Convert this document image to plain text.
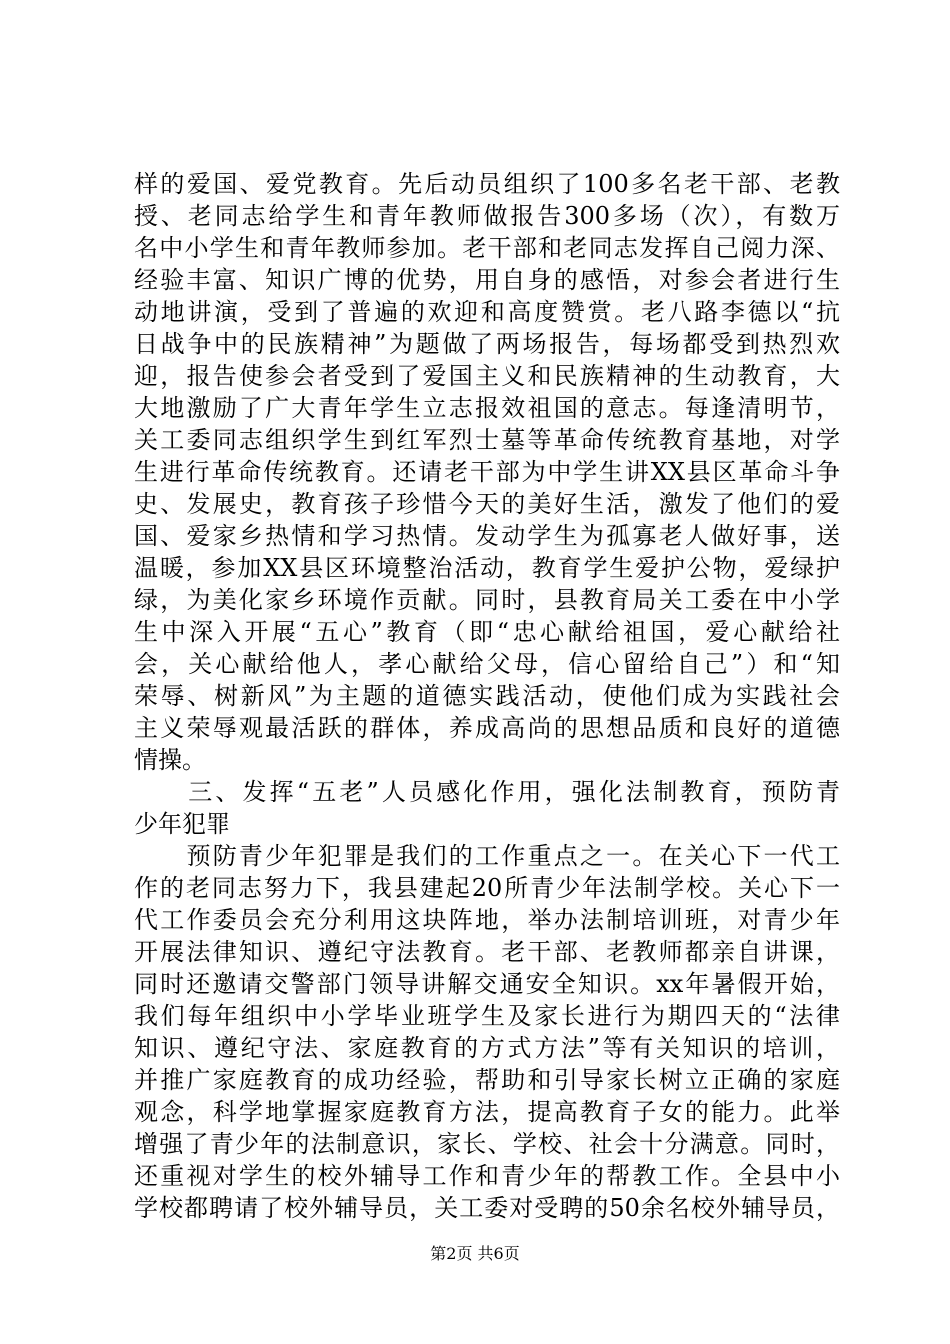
样的爱国、爱党教育。先后动员组织了100多名老干部、老教
授、老同志给学生和青年教师做报告300多场（次），有数万
名中小学生和青年教师参加。老干部和老同志发挥自己阅力深、
经验丰富、知识广博的优势，用自身的感悟，对参会者进行生
动地讲演，受到了普遍的欢迎和高度赞赏。老八路李德以“抗
日战争中的民族精神”为题做了两场报告，每场都受到热烈欢
迎，报告使参会者受到了爱国主义和民族精神的生动教育，大
大地激励了广大青年学生立志报效祖国的意志。每逢清明节，
关工委同志组织学生到红军烈士墓等革命传统教育基地，对学
生进行革命传统教育。还请老干部为中学生讲XX县区革命斗争
史、发展史，教育孩子珍惜今天的美好生活，激发了他们的爱
国、爱家乡热情和学习热情。发动学生为孤寡老人做好事，送
温暖，参加XX县区环境整治活动，教育学生爱护公物，爱绿护
绿，为美化家乡环境作贡献。同时，县教育局关工委在中小学
生中深入开展“五心”教育（即“忠心献给祖国，爱心献给社
会，关心献给他人，孝心献给父母，信心留给自己”）和“知
荣辱、树新风”为主题的道德实践活动，使他们成为实践社会
主义荣辱观最活跃的群体，养成高尚的思想品质和良好的道德
情操。
　　三、发挥“五老”人员感化作用，强化法制教育，预防青
少年犯罪
　　预防青少年犯罪是我们的工作重点之一。在关心下一代工
作的老同志努力下，我县建起20所青少年法制学校。关心下一
代工作委员会充分利用这块阵地，举办法制培训班，对青少年
开展法律知识、遵纪守法教育。老干部、老教师都亲自讲课，
同时还邀请交警部门领导讲解交通安全知识。xx年暑假开始，
我们每年组织中小学毕业班学生及家长进行为期四天的“法律
知识、遵纪守法、家庭教育的方式方法”等有关知识的培训，
并推广家庭教育的成功经验，帮助和引导家长树立正确的家庭
观念，科学地掌握家庭教育方法，提高教育子女的能力。此举
增强了青少年的法制意识，家长、学校、社会十分满意。同时，
还重视对学生的校外辅导工作和青少年的帮教工作。全县中小
学校都聘请了校外辅导员，关工委对受聘的50余名校外辅导员，
第2页 共6页
